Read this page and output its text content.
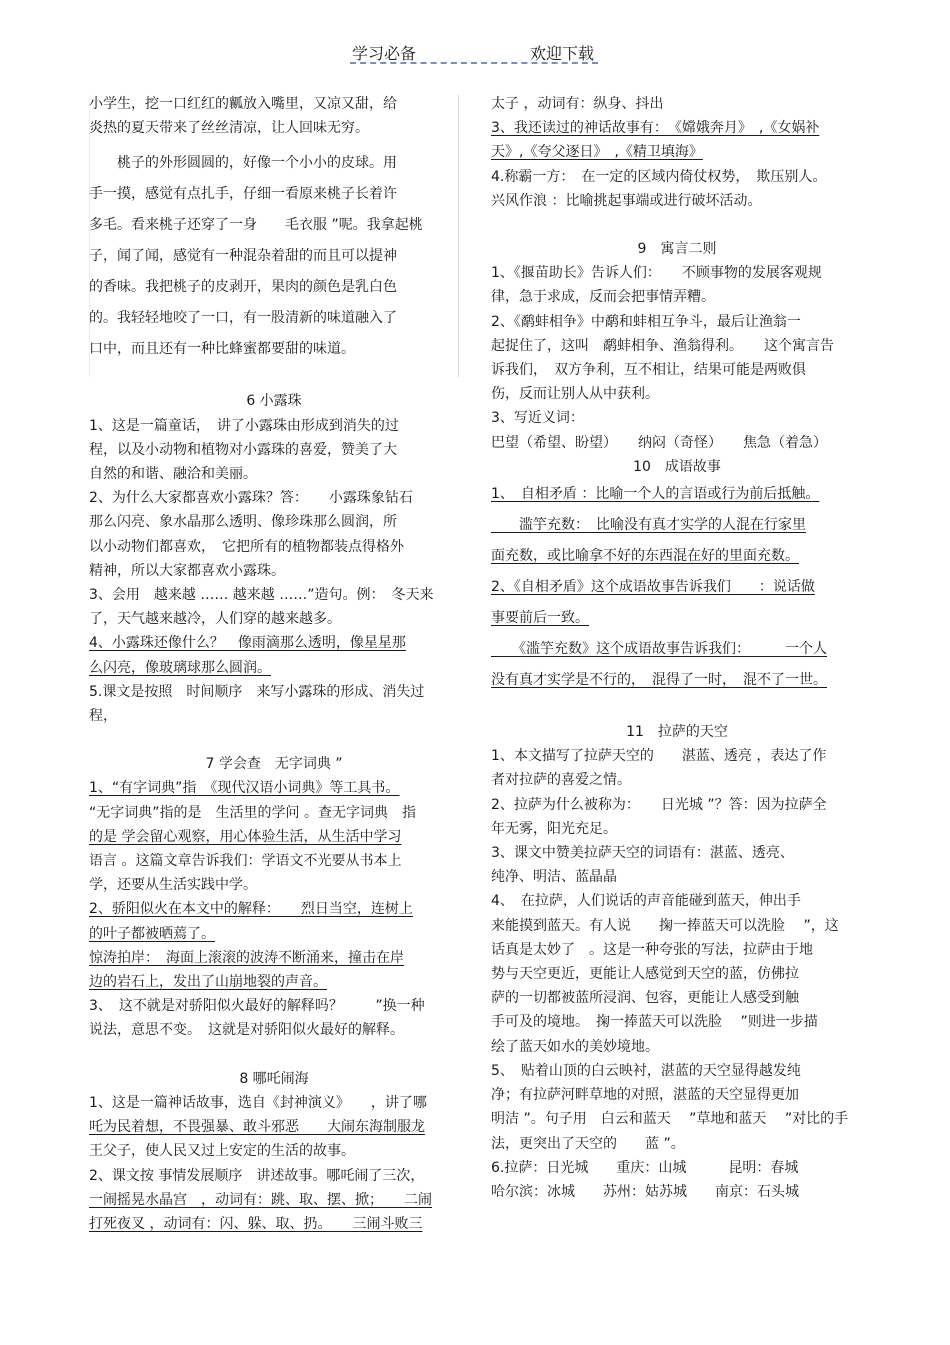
学习必备	欢迎下载

小学生，挖一口红红的瓤放入嘴里，又凉又甜，给

炎热的夏天带来了丝丝清凉，让人回味无穷。

　　桃子的外形圆圆的，好像一个小小的皮球。用

手一摸，感觉有点扎手，仔细一看原来桃子长着许

多毛。看来桃子还穿了一身　　毛衣服 ”呢。我拿起桃

子，闻了闻，感觉有一种混杂着甜的而且可以提神

的香味。我把桃子的皮剥开，果肉的颜色是乳白色

的。我轻轻地咬了一口，有一股清新的味道融入了

口中，而且还有一种比蜂蜜都要甜的味道。

6 小露珠

1、这是一篇童话，　讲了小露珠由形成到消失的过

程，以及小动物和植物对小露珠的喜爱，赞美了大

自然的和谐、融洽和美丽。

2、为什么大家都喜欢小露珠？答：　　小露珠象钻石

那么闪亮、象水晶那么透明、像珍珠那么圆润，所

以小动物们都喜欢，　它把所有的植物都装点得格外

精神，所以大家都喜欢小露珠。

3、会用　越来越 …… 越来越 ……”造句。例：　冬天来

了，天气越来越冷，人们穿的越来越多。

4、小露珠还像什么？　像雨滴那么透明，像星星那

么闪亮，像玻璃球那么圆润。

5.课文是按照　时间顺序　来写小露珠的形成、消失过

程，

7 学会查　无字词典 ”

1、“有字词典”指　《现代汉语小词典》等工具书。

“无字词典”指的是　生活里的学问 。查无字词典　指

的是 学会留心观察，用心体验生活，从生活中学习

语言 。这篇文章告诉我们：学语文不光要从书本上

学，还要从生活实践中学。

2、骄阳似火在本文中的解释：　　烈日当空，连树上

的叶子都被晒蔫了。

惊涛拍岸：　海面上滚滚的波涛不断涌来，撞击在岸

边的岩石上，发出了山崩地裂的声音。

3、　这不就是对骄阳似火最好的解释吗？　　 ”换一种

说法，意思不变。　这就是对骄阳似火最好的解释。

8 哪吒闹海

1、这是一篇神话故事，选自《封神演义》　　，讲了哪

吒为民着想，不畏强暴、敢斗邪恶　　大闹东海制服龙

王父子，使人民又过上安定的生活的故事。

2、课文按 事情发展顺序　讲述故事。哪吒闹了三次，

一闹摇晃水晶宫　，动词有：跳、取、摆、掀；　　二闹

打死夜叉 ，动词有：闪、躲、取、扔。　　三闹斗败三

太子 ，动词有：纵身、抖出

3、我还读过的神话故事有：　《嫦娥奔月》　,《女娲补

天》,《夸父逐日》　,《精卫填海》

4.称霸一方：　在一定的区域内倚仗权势，　欺压别人。

兴风作浪 ：比喻挑起事端或进行破坏活动。

9　寓言二则

1、《揠苗助长》告诉人们：　　不顾事物的发展客观规

律，急于求成，反而会把事情弄糟。

2、《鹬蚌相争》中鹬和蚌相互争斗，最后让渔翁一

起捉住了，这叫　鹬蚌相争、渔翁得利。　　这个寓言告

诉我们，　双方争利，互不相让，结果可能是两败俱

伤，反而让别人从中获利。

3、写近义词：

巴望（希望、盼望）　　纳闷（奇怪）　　焦急（着急）

10　成语故事

1、　自相矛盾 ：比喻一个人的言语或行为前后抵触。

　　滥竽充数：　比喻没有真才实学的人混在行家里

面充数，或比喻拿不好的东西混在好的里面充数。

2、《自相矛盾》这个成语故事告诉我们　　：说话做

事要前后一致。

　　《滥竽充数》这个成语故事告诉我们：　　　一个人

没有真才实学是不行的，　混得了一时，　混不了一世。

11　拉萨的天空

1、本文描写了拉萨天空的　　湛蓝、透亮 ，表达了作

者对拉萨的喜爱之情。

2、拉萨为什么被称为：　　日光城 ”？答：因为拉萨全

年无雾，阳光充足。

3、课文中赞美拉萨天空的词语有：湛蓝、透亮、

纯净、明洁、蓝晶晶

4、　在拉萨，人们说话的声音能碰到蓝天，伸出手

来能摸到蓝天。有人说　　掬一捧蓝天可以洗脸　 ”，这

话真是太妙了　。这是一种夸张的写法，拉萨由于地

势与天空更近，更能让人感觉到天空的蓝，仿佛拉

萨的一切都被蓝所浸润、包容，更能让人感受到触

手可及的境地。　掬一捧蓝天可以洗脸　 ”则进一步描

绘了蓝天如水的美妙境地。

5、　贴着山顶的白云映衬，湛蓝的天空显得越发纯

净；有拉萨河畔草地的对照，湛蓝的天空显得更加

明洁 ”。句子用　白云和蓝天　 ”草地和蓝天　 ”对比的手

法，更突出了天空的　　蓝 ”。

6.拉萨：日光城　　重庆：山城　　　昆明：春城

哈尔滨：冰城　　苏州：姑苏城　　南京：石头城
